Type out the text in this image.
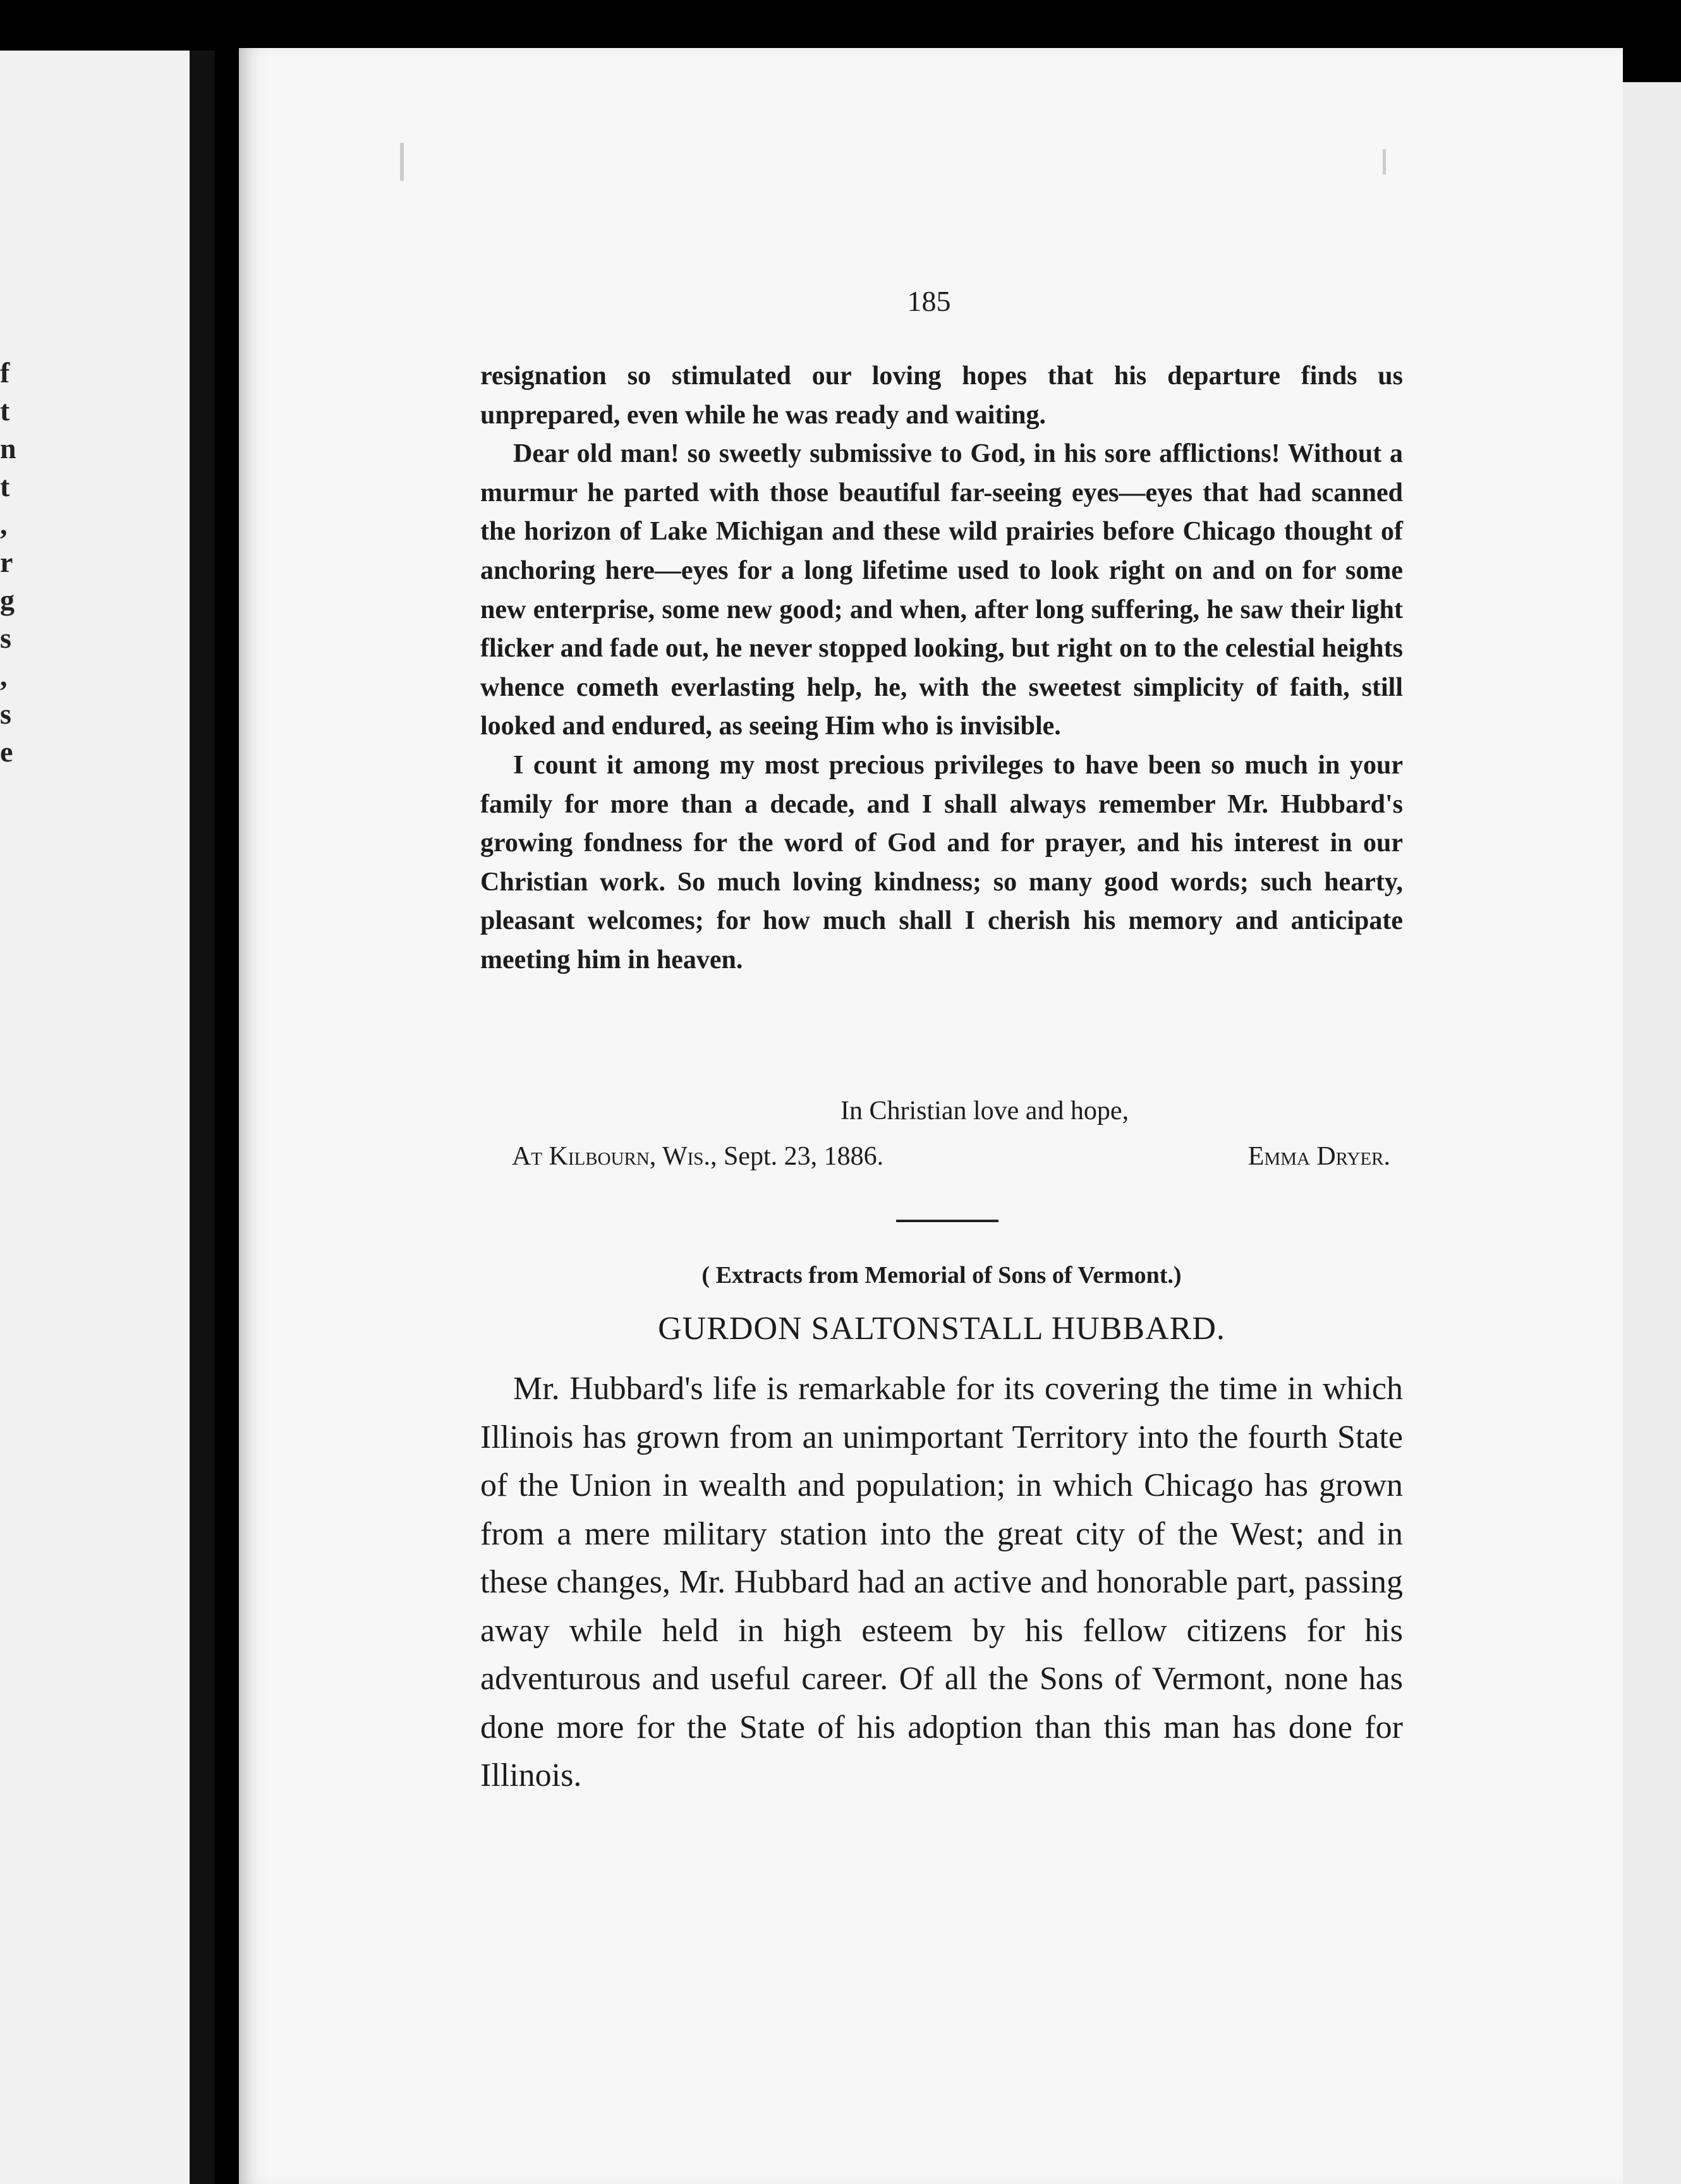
f
t
n
t
,
r
g
s
,
s
e
185

resignation so stimulated our loving hopes that his departure finds us unprepared, even while he was ready and waiting.

Dear old man! so sweetly submissive to God, in his sore afflictions! Without a murmur he parted with those beautiful far-seeing eyes—eyes that had scanned the horizon of Lake Michigan and these wild prairies before Chicago thought of anchoring here—eyes for a long lifetime used to look right on and on for some new enterprise, some new good; and when, after long suffering, he saw their light flicker and fade out, he never stopped looking, but right on to the celestial heights whence cometh everlasting help, he, with the sweetest simplicity of faith, still looked and endured, as seeing Him who is invisible.

I count it among my most precious privileges to have been so much in your family for more than a decade, and I shall always remember Mr. Hubbard's growing fondness for the word of God and for prayer, and his interest in our Christian work. So much loving kindness; so many good words; such hearty, pleasant welcomes; for how much shall I cherish his memory and anticipate meeting him in heaven.

In Christian love and hope,
At Kilbourn, Wis., Sept. 23, 1886.	Emma Dryer.
( Extracts from Memorial of Sons of Vermont.)
GURDON SALTONSTALL HUBBARD.

Mr. Hubbard's life is remarkable for its covering the time in which Illinois has grown from an unimportant Territory into the fourth State of the Union in wealth and population; in which Chicago has grown from a mere military station into the great city of the West; and in these changes, Mr. Hubbard had an active and honorable part, passing away while held in high esteem by his fellow citizens for his adventurous and useful career. Of all the Sons of Vermont, none has done more for the State of his adoption than this man has done for Illinois.
